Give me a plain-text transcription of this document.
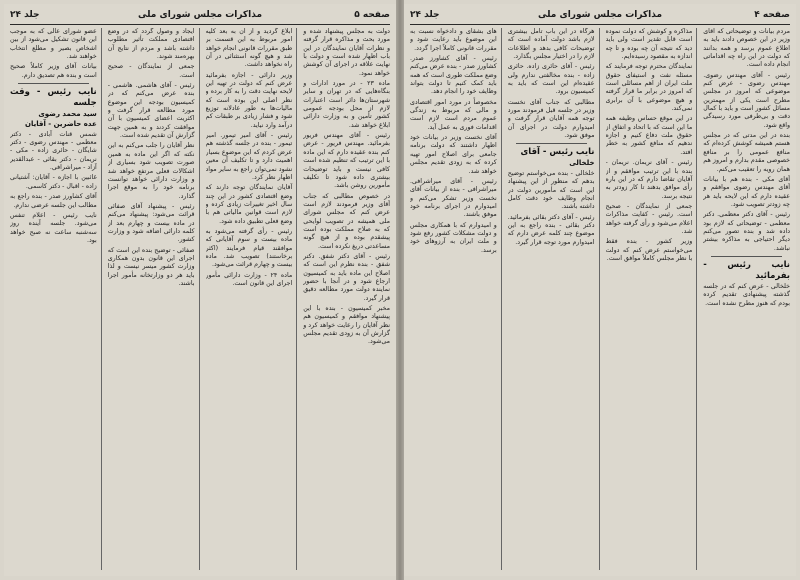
جلد ۲۴	مذاکرات مجلس شورای ملی	صفحه ۵

دولت به مجلس پیشنهاد شده و مورد بحث و مذاکره قرار گرفته و نظرات آقایان نمایندگان در این باب اظهار شده است و دولت با نهایت علاقه در اجرای آن کوشش خواهد نمود.

ماده ۲۳ - در مورد ادارات و بنگاه‌هایی که در تهران و سایر شهرستان‌ها دائر است اعتبارات لازم از محل بودجه عمومی کشور تأمین و به وزارت دارائی ابلاغ خواهد شد.

رئیس - آقای مهندس فریور بفرمائید. مهندس فریور - عرض کنم بنده عقیده دارم که این ماده با این ترتیب که تنظیم شده است کافی نیست و باید توضیحات بیشتری داده شود تا تکلیف مأمورین روشن باشد.

در خصوص مطالبی که جناب آقای وزیر فرمودند لازم است عرض کنم که مجلس شورای ملی همیشه در تصویب لوایحی که به صلاح مملکت بوده است پیشقدم بوده و از هیچ گونه مساعدتی دریغ نکرده است.

رئیس - آقای دکتر شفق. دکتر شفق - بنده نظرم این است که اصلاح این ماده باید به کمیسیون ارجاع شود و در آنجا با حضور نماینده دولت مورد مطالعه دقیق قرار گیرد.

مخبر کمیسیون - بنده با این پیشنهاد موافقم و کمیسیون هم نظر آقایان را رعایت خواهد کرد و گزارش آن به زودی تقدیم مجلس می‌شود.

ابلاغ گردید و از آن به بعد کلیه امور مربوط به این قسمت بر طبق مقررات قانونی انجام خواهد شد و هیچ گونه استثنائی در آن راه نخواهد داشت.

وزیر دارائی - اجازه بفرمائید عرض کنم که دولت در تهیه این لایحه نهایت دقت را به کار برده و نظر اصلی این بوده است که مالیات‌ها به طور عادلانه توزیع شود و فشار زیادی بر طبقات کم درآمد وارد نیاید.

رئیس - آقای امیر تیمور. امیر تیمور - بنده در جلسه گذشته هم عرض کردم که این موضوع بسیار اهمیت دارد و تا تکلیف آن معین نشود نمی‌توان راجع به سایر مواد اظهار نظر کرد.

آقایان نمایندگان توجه دارند که وضع اقتصادی کشور در این چند سال اخیر تغییرات زیادی کرده و لازم است قوانین مالیاتی هم با وضع فعلی تطبیق داده شود.

رئیس - رأی گرفته می‌شود به ماده بیست و سوم آقایانی که موافقند قیام فرمایند (اکثر برخاستند) تصویب شد. ماده بیست و چهارم قرائت می‌شود.

ماده ۲۴ - وزارت دارائی مأمور اجرای این قانون است.

ایجاد و وصول گردد که در وضع اقتصادی مملکت تأثیر مطلوب داشته باشد و مردم از نتایج آن بهره‌مند شوند.

جمعی از نمایندگان - صحیح است.

رئیس - آقای هاشمی. هاشمی - بنده عرض می‌کنم که در کمیسیون بودجه این موضوع مورد مطالعه قرار گرفت و اکثریت اعضای کمیسیون با آن موافقت کردند و به همین جهت گزارش آن تقدیم شده است.

نظر آقایان را جلب می‌کنم به این نکته که اگر این ماده به همین صورت تصویب شود بسیاری از اشکالات فعلی مرتفع خواهد شد و وزارت دارائی خواهد توانست برنامه خود را به موقع اجرا گذارد.

رئیس - پیشنهاد آقای صفائی قرائت می‌شود: پیشنهاد می‌کنم در ماده بیست و چهارم بعد از کلمه دارائی اضافه شود و وزارت کشور.

صفائی - توضیح بنده این است که اجرای این قانون بدون همکاری وزارت کشور میسر نیست و لذا باید هر دو وزارتخانه مأمور اجرا باشند.

عضو شورای عالی که به موجب این قانون تشکیل می‌شود از بین اشخاص بصیر و مطلع انتخاب خواهند شد.

بیانات آقای وزیر کاملاً صحیح است و بنده هم تصدیق دارم.

نایب رئیس - وقت جلسه
سید محمد رضوی
عده حاضرین - آقایان

شمس قنات آبادی - دکتر معظمی - مهندس رضوی - دکتر شایگان - حائری زاده - مکی - نریمان - دکتر بقائی - عبدالقدیر آزاد - میراشرافی.

غائبین با اجازه - آقایان: آشتیانی زاده - اقبال - دکتر کاسمی.

آقای کشاورز صدر - بنده راجع به مطالب این جلسه عرضی ندارم.

نایب رئیس - اعلام تنفس می‌شود. جلسه آینده روز سه‌شنبه ساعت نه صبح خواهد بود.

جلد ۲۴	مذاکرات مجلس شورای ملی	صفحه ۴

مردم بیانات و توضیحاتی که آقای وزیر در این خصوص دادند باید به اطلاع عموم برسد و همه بدانند که دولت در این راه چه اقداماتی انجام داده است.

رئیس - آقای مهندس رضوی. مهندس رضوی - عرض کنم موضوعی که امروز در مجلس مطرح است یکی از مهمترین مسائل کشور است و باید با کمال دقت و بی‌طرفی مورد رسیدگی واقع شود.

بنده در این مدتی که در مجلس هستم همیشه کوشش کرده‌ام که منافع عمومی را بر منافع خصوصی مقدم بدارم و امروز هم همان رویه را تعقیب می‌کنم.

آقای مکی - بنده هم با بیانات آقای مهندس رضوی موافقم و عقیده دارم که این لایحه باید هر چه زودتر تصویب شود.

رئیس - آقای دکتر معظمی. دکتر معظمی - توضیحاتی که لازم بود داده شد و بنده تصور می‌کنم دیگر احتیاجی به مذاکره بیشتر نباشد.

نایب رئیس - بفرمائید

خلخالی - عرض کنم که در جلسه گذشته پیشنهادی تقدیم کرده بودم که هنوز مطرح نشده است.

مذاکره و کوشش که دولت نموده است قابل تقدیر است ولی باید دید که نتیجه آن چه بوده و تا چه اندازه به مقصود رسیده‌ایم.

نمایندگان محترم توجه فرمایند که مسئله نفت و استیفای حقوق ملت ایران از اهم مسائلی است که امروز در برابر ما قرار گرفته و هیچ موضوعی با آن برابری نمی‌کند.

در این موقع حساس وظیفه همه ما این است که با اتحاد و اتفاق از حقوق ملت دفاع کنیم و اجازه ندهیم که منافع کشور به خطر افتد.

رئیس - آقای نریمان. نریمان - بنده با این ترتیب موافقم و از آقایان تقاضا دارم که در این باره رأی موافق بدهند تا کار زودتر به نتیجه برسد.

جمعی از نمایندگان - صحیح است. رئیس - کفایت مذاکرات اعلام می‌شود و رأی گرفته خواهد شد.

وزیر کشور - بنده فقط می‌خواستم عرض کنم که دولت با نظر مجلس کاملاً موافق است.

هرگاه در این باب تأمل بیشتری لازم باشد دولت آماده است که توضیحات کافی بدهد و اطلاعات لازم را در اختیار مجلس بگذارد.

رئیس - آقای حائری زاده. حائری زاده - بنده مخالفتی ندارم ولی عقیده‌ام این است که باید به کمیسیون برود.

مطالبی که جناب آقای نخست وزیر در جلسه قبل فرمودند مورد توجه همه آقایان قرار گرفت و امیدوارم دولت در اجرای آن موفق شود.

نایب رئیس - آقای
خلخالی

خلخالی - بنده می‌خواستم توضیح بدهم که منظور از این پیشنهاد این است که مأمورین دولت در انجام وظایف خود دقت کامل داشته باشند.

رئیس - آقای دکتر بقائی بفرمائید. دکتر بقائی - بنده راجع به این موضوع چند کلمه عرض دارم که امیدوارم مورد توجه قرار گیرد.

های بشقای و دادخواه نسبت به این موضوع باید رعایت شود و مقررات قانونی کاملاً اجرا گردد.

رئیس - آقای کشاورز صدر. کشاورز صدر - بنده عرض می‌کنم وضع مملکت طوری است که همه باید کمک کنیم تا دولت بتواند وظایف خود را انجام دهد.

مخصوصاً در مورد امور اقتصادی و مالی که مربوط به زندگی عموم مردم است لازم است اقدامات فوری به عمل آید.

آقای نخست وزیر در بیانات خود اظهار داشتند که دولت برنامه جامعی برای اصلاح امور تهیه کرده که به زودی تقدیم مجلس خواهد شد.

رئیس - آقای میراشرافی. میراشرافی - بنده از بیانات آقای نخست وزیر تشکر می‌کنم و امیدوارم در اجرای برنامه خود موفق باشند.

و امیدوارم که با همکاری مجلس و دولت مشکلات کشور رفع شود و ملت ایران به آرزوهای خود برسد.
